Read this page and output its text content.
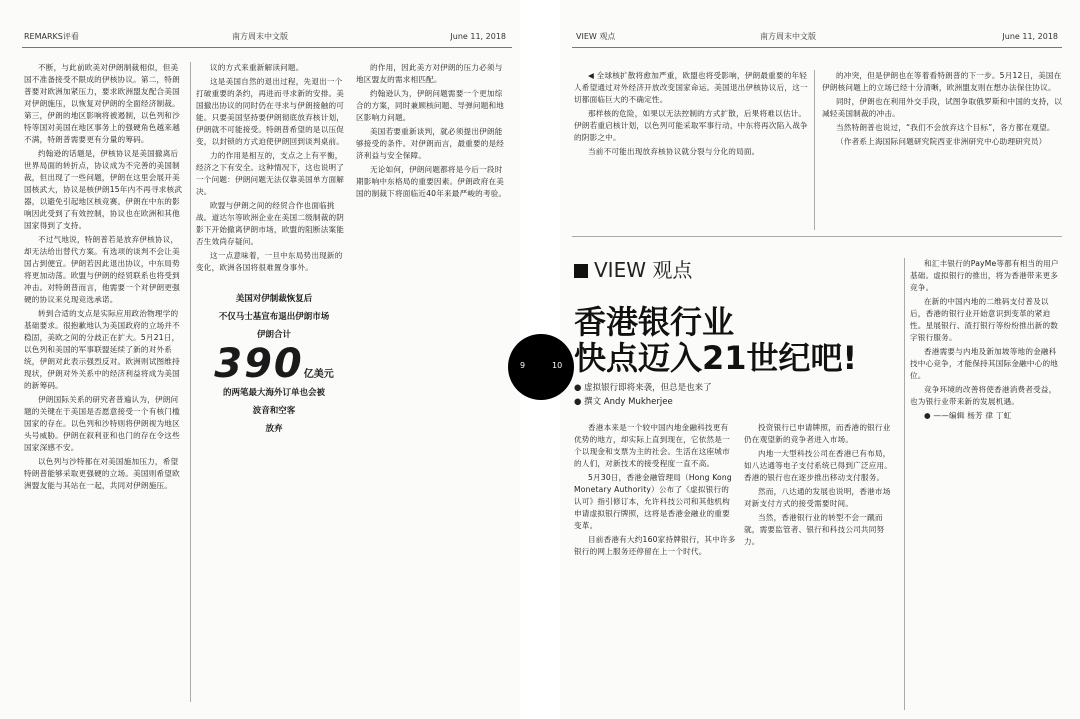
REMARKS评看	南方周末中文版	June 11, 2018

不断，与此前欧美对伊朗制裁相似，但美国不准备接受不限成的伊核协议。第二，特朗普要对欧洲加紧压力，要求欧洲盟友配合美国对伊朗施压，以恢复对伊朗的全面经济制裁。第三，伊朗的地区影响将被遏制，以色列和沙特等国对美国在地区事务上的强硬角色越来越不满，特朗普需要更有分量的筹码。

约翰逊的话题是，伊核协议是美国撤离后世界局面的转折点，协议成为不完善的美国制裁，但出现了一些问题，伊朗在这里会展开美国核武大，协议是核伊朗15年内不再寻求核武器，以避免引起地区核竞赛。伊朗在中东的影响因此受到了有效控制，协议也在欧洲和其他国家得到了支持。

不过气地说，特朗普若是放弃伊核协议，却无法给出替代方案。有选项的谈判不会让美国占到便宜。伊朗若因此退出协议，中东局势将更加动荡。欧盟与伊朗的经贸联系也将受到冲击。对特朗普而言，他需要一个对伊朗更强硬的协议来兑现竞选承诺。

转到合适的支点是实际应用政治物理学的基础要求。很抱歉地认为美国政府的立场并不稳固，美欧之间的分歧正在扩大。5月21日，以色列和美国的军事联盟延续了新的对外系统，伊朗对此表示强烈反对。欧洲则试图维持现状，伊朗对外关系中的经济利益将成为美国的新筹码。

伊朗国际关系的研究者普遍认为，伊朗问题的关键在于美国是否愿意接受一个有核门槛国家的存在。以色列和沙特则将伊朗视为地区头号威胁。伊朗在叙利亚和也门的存在令这些国家深感不安。

以色列与沙特都在对美国施加压力，希望特朗普能够采取更强硬的立场。美国则希望欧洲盟友能与其站在一起，共同对伊朗施压。

议的方式来重新解读问题。

这是美国自然的退出过程，先退出一个打破重要的条约，再进而寻求新的安排。美国撤出协议的同时仍在寻求与伊朗接触的可能。只要美国坚持要伊朗彻底放弃核计划，伊朗就不可能接受。特朗普希望的是以压促变，以封锁的方式迫使伊朗回到谈判桌前。

力的作用是相互的，支点之上有平衡，经济之下有安全。这种情况下，这也说明了一个问题：伊朗问题无法仅靠美国单方面解决。

欧盟与伊朗之间的经贸合作也面临挑战。道达尔等欧洲企业在美国二级制裁的阴影下开始撤离伊朗市场，欧盟的阻断法案能否生效尚存疑问。

这一点意味着，一旦中东局势出现新的变化，欧洲各国将很难置身事外。

的作用，因此美方对伊朗的压力必须与地区盟友的需求相匹配。

约翰逊认为，伊朗问题需要一个更加综合的方案，同时兼顾核问题、导弹问题和地区影响力问题。

美国若要重新谈判，就必须提出伊朗能够接受的条件。对伊朗而言，最重要的是经济利益与安全保障。

无论如何，伊朗问题都将是今后一段时期影响中东格局的重要因素。伊朗政府在美国的制裁下将面临近40年来最严峻的考验。

美国对伊制裁恢复后
不仅马士基宣布退出伊朗市场
伊朗合计
390亿美元
的两笔最大海外订单也会被
波音和空客
放弃
VIEW 观点	南方周末中文版	June 11, 2018

◀ 全球核扩散将愈加严重，欧盟也将受影响，伊朗最重要的年轻人希望通过对外经济开放改变国家命运。美国退出伊核协议后，这一切都面临巨大的不确定性。

那样核的危险，如果以无法控制的方式扩散，后果将难以估计。伊朗若重启核计划，以色列可能采取军事行动，中东将再次陷入战争的阴影之中。

当前不可能出现放弃核协议就分裂与分化的局面。

的冲突，但是伊朗也在等着看特朗普的下一步。5月12日，美国在伊朗核问题上的立场已经十分清晰，欧洲盟友则在想办法保住协议。

同时，伊朗也在利用外交手段，试图争取俄罗斯和中国的支持，以减轻美国制裁的冲击。

当然特朗普也说过，“我们不会放弃这个目标”，各方都在观望。

（作者系上海国际问题研究院西亚非洲研究中心助理研究员）

VIEW 观点
香港银行业
快点迈入21世纪吧!
● 虚拟银行即将来袭，但总是也来了
● 撰文 Andy Mukherjee

香港本来是一个较中国内地金融科技更有优势的地方，却实际上直到现在，它依然是一个以现金和支票为主的社会。生活在这座城市的人们，对新技术的接受程度一直不高。

5月30日，香港金融管理局（Hong Kong Monetary Authority）公布了《虚拟银行的认可》指引修订本，允许科技公司和其他机构申请虚拟银行牌照，这将是香港金融业的重要变革。

目前香港有大约160家持牌银行，其中许多银行的网上服务还停留在上一个时代。

投资银行已申请牌照，而香港的银行业仍在观望新的竞争者进入市场。

内地一大型科技公司在香港已有布局，如八达通等电子支付系统已得到广泛应用。香港的银行也在逐步推出移动支付服务。

然而，八达通的发展也说明，香港市场对新支付方式的接受需要时间。

当然，香港银行业的转型不会一蹴而就，需要监管者、银行和科技公司共同努力。

和汇丰银行的PayMe等都有相当的用户基础。虚拟银行的推出，将为香港带来更多竞争。

在新的中国内地的二维码支付普及以后，香港的银行业开始意识到变革的紧迫性。星展银行、渣打银行等纷纷推出新的数字银行服务。

香港需要与内地及新加坡等地的金融科技中心竞争，才能保持其国际金融中心的地位。

竞争环境的改善将使香港消费者受益，也为银行业带来新的发展机遇。

● ——编辑 杨芳 律 丁虹

9	10
